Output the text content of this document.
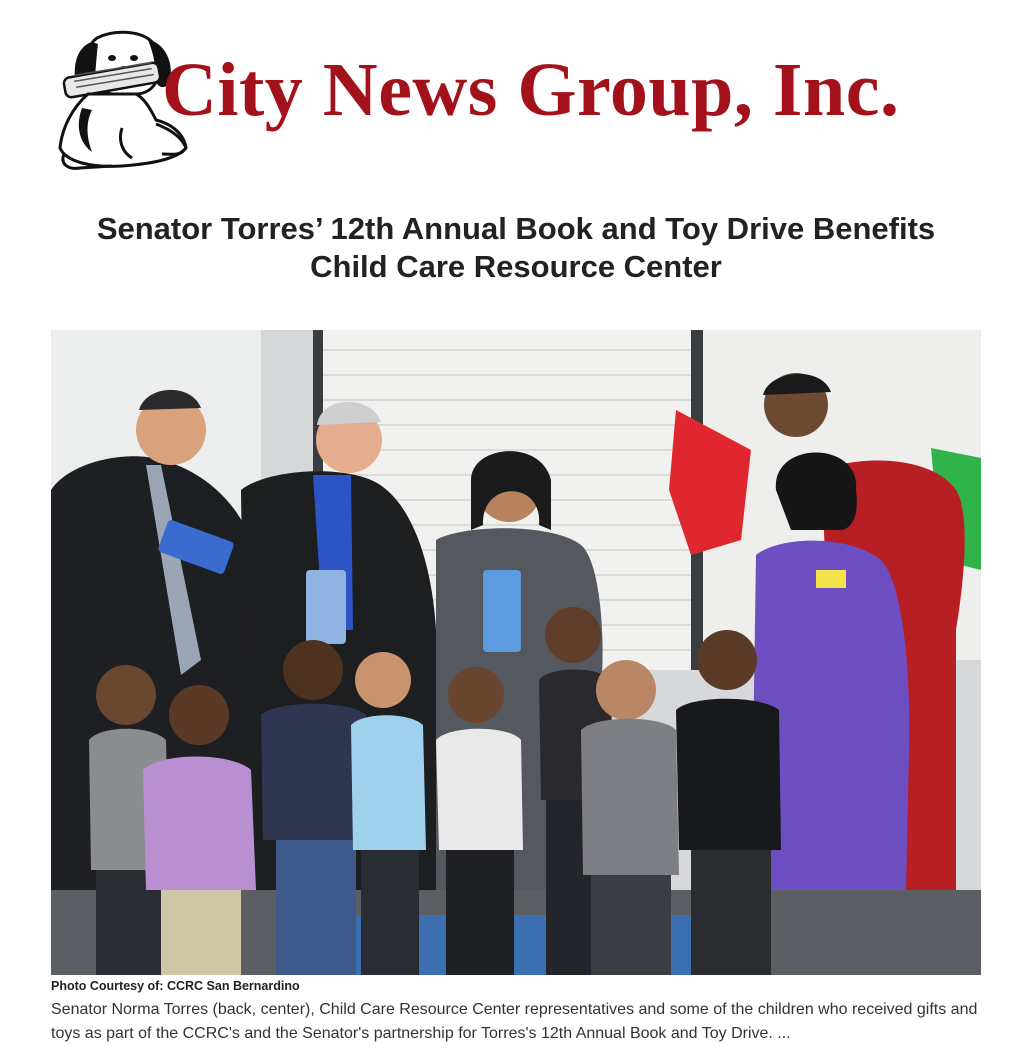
City News Group, Inc.
Senator Torres’ 12th Annual Book and Toy Drive Benefits
Child Care Resource Center
Photo Courtesy of: CCRC San Bernardino

Senator Norma Torres (back, center), Child Care Resource Center representatives and some of the children who received gifts and toys as part of the CCRC's and the Senator's partnership for Torres's 12th Annual Book and Toy Drive. ...
